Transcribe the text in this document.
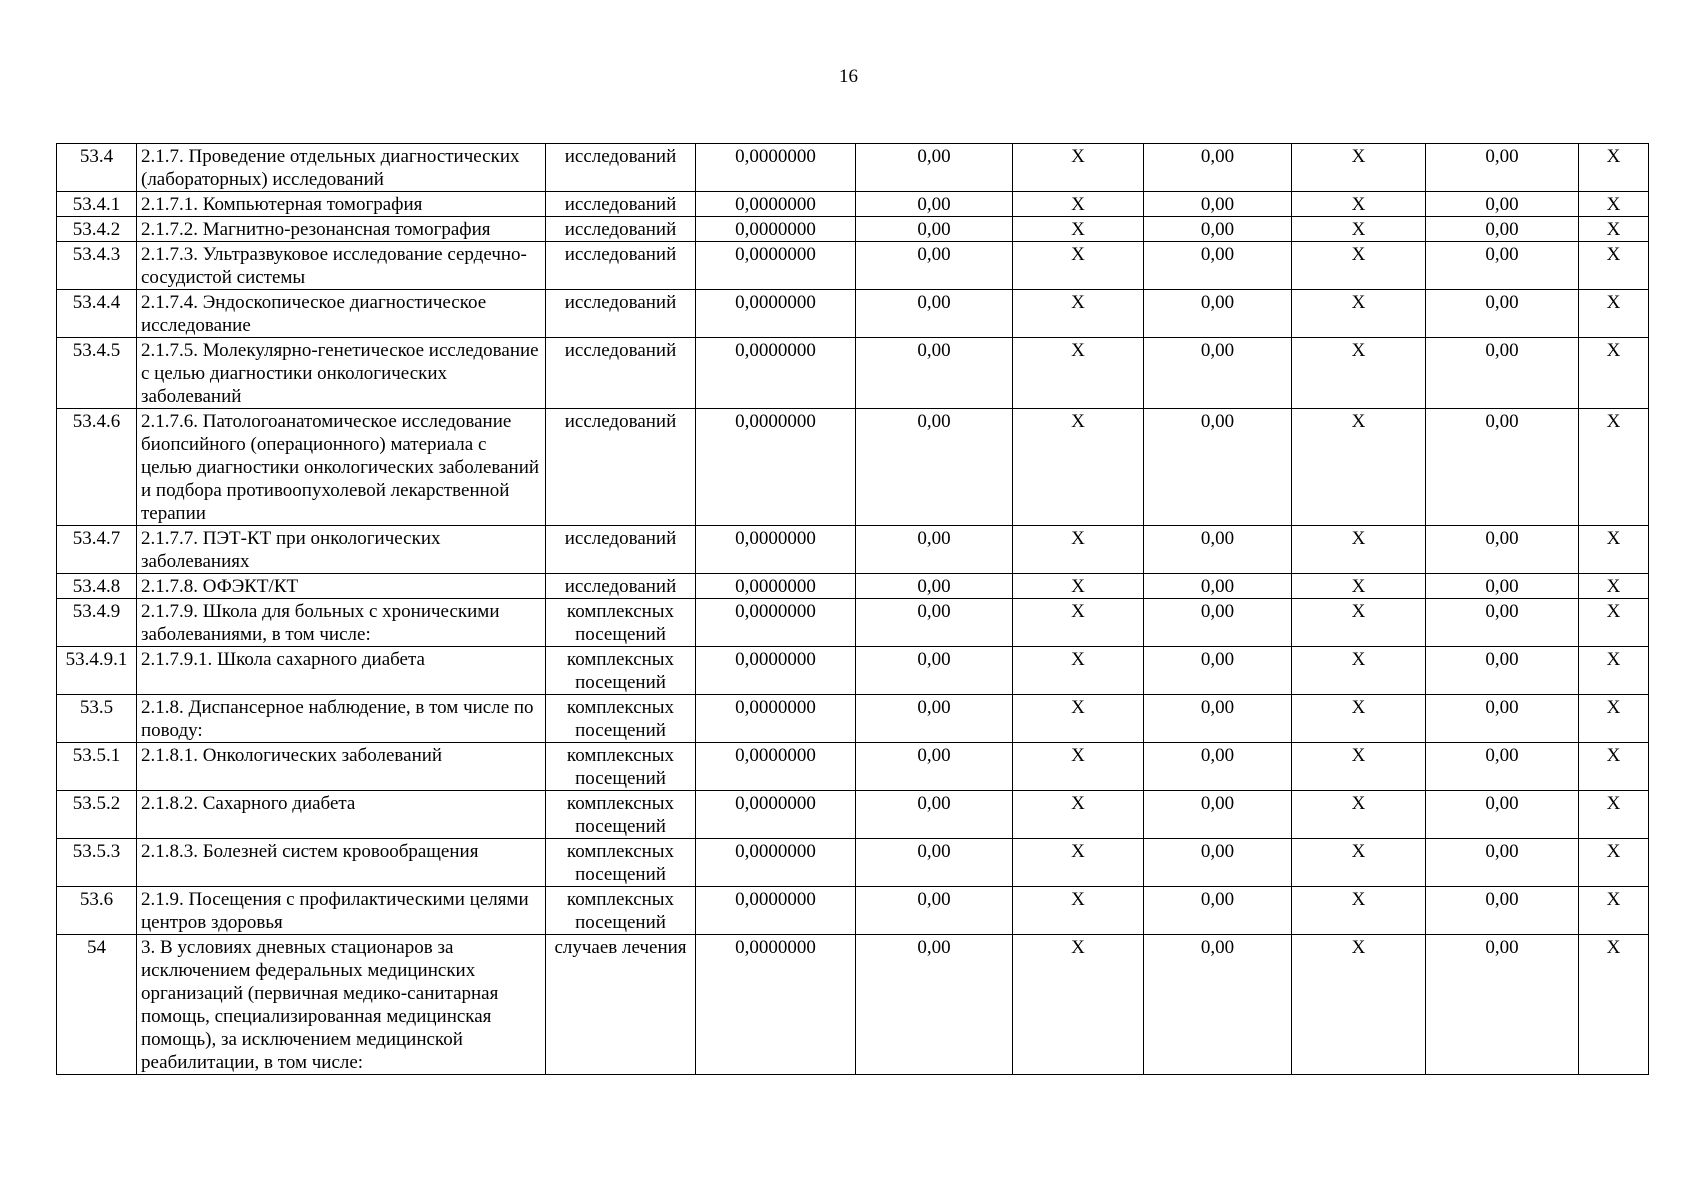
16
53.4	2.1.7. Проведение отдельных диагностических (лабораторных) исследований	исследований	0,0000000	0,00	X	0,00	X	0,00	X
53.4.1	2.1.7.1. Компьютерная томография	исследований	0,0000000	0,00	X	0,00	X	0,00	X
53.4.2	2.1.7.2. Магнитно-резонансная томография	исследований	0,0000000	0,00	X	0,00	X	0,00	X
53.4.3	2.1.7.3. Ультразвуковое исследование сердечно-сосудистой системы	исследований	0,0000000	0,00	X	0,00	X	0,00	X
53.4.4	2.1.7.4. Эндоскопическое диагностическое исследование	исследований	0,0000000	0,00	X	0,00	X	0,00	X
53.4.5	2.1.7.5. Молекулярно-генетическое исследование с целью диагностики онкологических заболеваний	исследований	0,0000000	0,00	X	0,00	X	0,00	X
53.4.6	2.1.7.6. Патологоанатомическое исследование биопсийного (операционного) материала с целью диагностики онкологических заболеваний и подбора противоопухолевой лекарственной терапии	исследований	0,0000000	0,00	X	0,00	X	0,00	X
53.4.7	2.1.7.7. ПЭТ-КТ при онкологических заболеваниях	исследований	0,0000000	0,00	X	0,00	X	0,00	X
53.4.8	2.1.7.8. ОФЭКТ/КТ	исследований	0,0000000	0,00	X	0,00	X	0,00	X
53.4.9	2.1.7.9. Школа для больных с хроническими заболеваниями, в том числе:	комплексных посещений	0,0000000	0,00	X	0,00	X	0,00	X
53.4.9.1	2.1.7.9.1. Школа сахарного диабета	комплексных посещений	0,0000000	0,00	X	0,00	X	0,00	X
53.5	2.1.8. Диспансерное наблюдение, в том числе по поводу:	комплексных посещений	0,0000000	0,00	X	0,00	X	0,00	X
53.5.1	2.1.8.1. Онкологических заболеваний	комплексных посещений	0,0000000	0,00	X	0,00	X	0,00	X
53.5.2	2.1.8.2. Сахарного диабета	комплексных посещений	0,0000000	0,00	X	0,00	X	0,00	X
53.5.3	2.1.8.3. Болезней систем кровообращения	комплексных посещений	0,0000000	0,00	X	0,00	X	0,00	X
53.6	2.1.9. Посещения с профилактическими целями центров здоровья	комплексных посещений	0,0000000	0,00	X	0,00	X	0,00	X
54	3. В условиях дневных стационаров за исключением федеральных медицинских организаций (первичная медико-санитарная помощь, специализированная медицинская помощь), за исключением медицинской реабилитации, в том числе:	случаев лечения	0,0000000	0,00	X	0,00	X	0,00	X
